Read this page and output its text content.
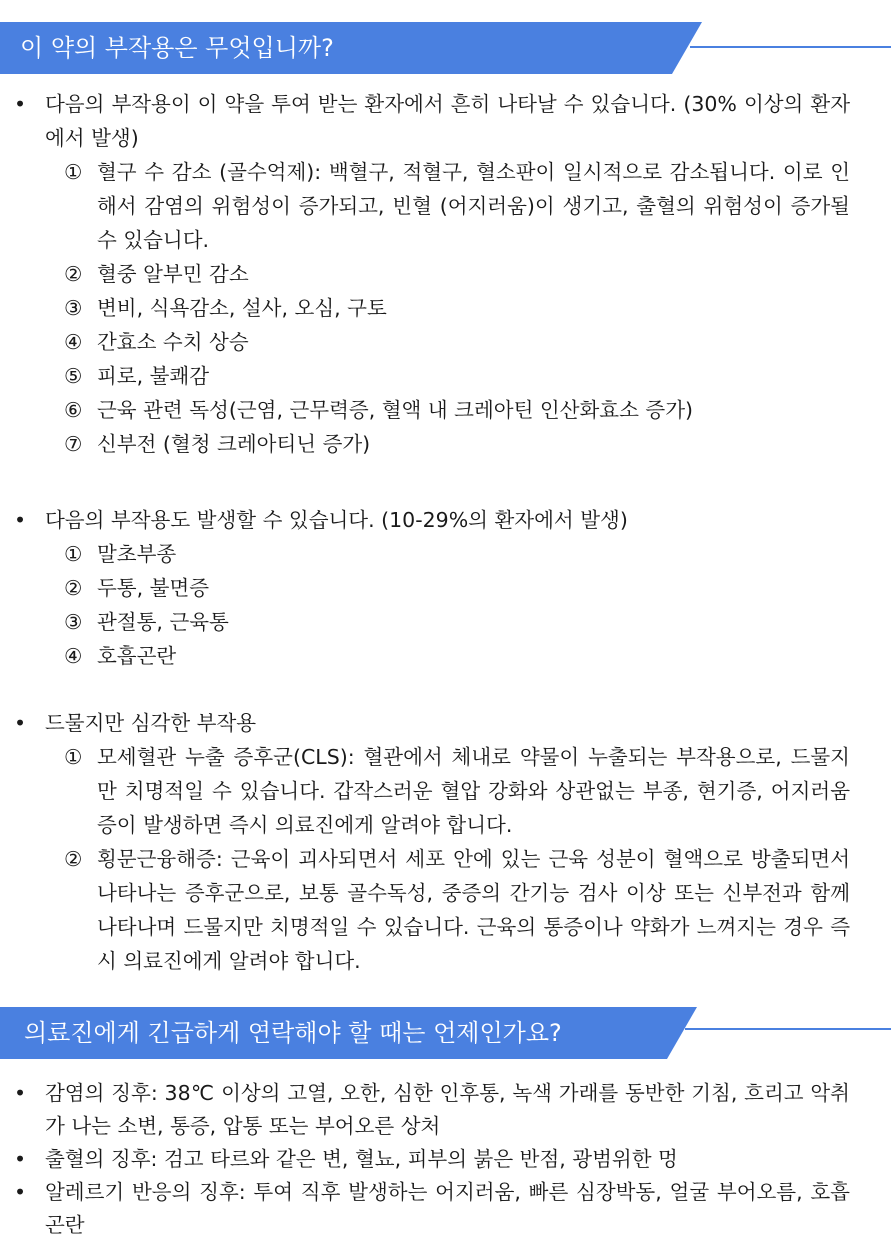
이 약의 부작용은 무엇입니까?
• 다음의 부작용이 이 약을 투여 받는 환자에서 흔히 나타날 수 있습니다. (30% 이상의 환자에서 발생)
① 혈구 수 감소 (골수억제): 백혈구, 적혈구, 혈소판이 일시적으로 감소됩니다. 이로 인해서 감염의 위험성이 증가되고, 빈혈 (어지러움)이 생기고, 출혈의 위험성이 증가될 수 있습니다.
② 혈중 알부민 감소
③ 변비, 식욕감소, 설사, 오심, 구토
④ 간효소 수치 상승
⑤ 피로, 불쾌감
⑥ 근육 관련 독성(근염, 근무력증, 혈액 내 크레아틴 인산화효소 증가)
⑦ 신부전 (혈청 크레아티닌 증가)
• 다음의 부작용도 발생할 수 있습니다. (10-29%의 환자에서 발생)
① 말초부종
② 두통, 불면증
③ 관절통, 근육통
④ 호흡곤란
• 드물지만 심각한 부작용
① 모세혈관 누출 증후군(CLS): 혈관에서 체내로 약물이 누출되는 부작용으로, 드물지만 치명적일 수 있습니다. 갑작스러운 혈압 강화와 상관없는 부종, 현기증, 어지러움증이 발생하면 즉시 의료진에게 알려야 합니다.
② 횡문근융해증: 근육이 괴사되면서 세포 안에 있는 근육 성분이 혈액으로 방출되면서 나타나는 증후군으로, 보통 골수독성, 중증의 간기능 검사 이상 또는 신부전과 함께 나타나며 드물지만 치명적일 수 있습니다. 근육의 통증이나 약화가 느껴지는 경우 즉시 의료진에게 알려야 합니다.
의료진에게 긴급하게 연락해야 할 때는 언제인가요?
• 감염의 징후: 38℃ 이상의 고열, 오한, 심한 인후통, 녹색 가래를 동반한 기침, 흐리고 악취가 나는 소변, 통증, 압통 또는 부어오른 상처
• 출혈의 징후: 검고 타르와 같은 변, 혈뇨, 피부의 붉은 반점, 광범위한 멍
• 알레르기 반응의 징후: 투여 직후 발생하는 어지러움, 빠른 심장박동, 얼굴 부어오름, 호흡곤란
